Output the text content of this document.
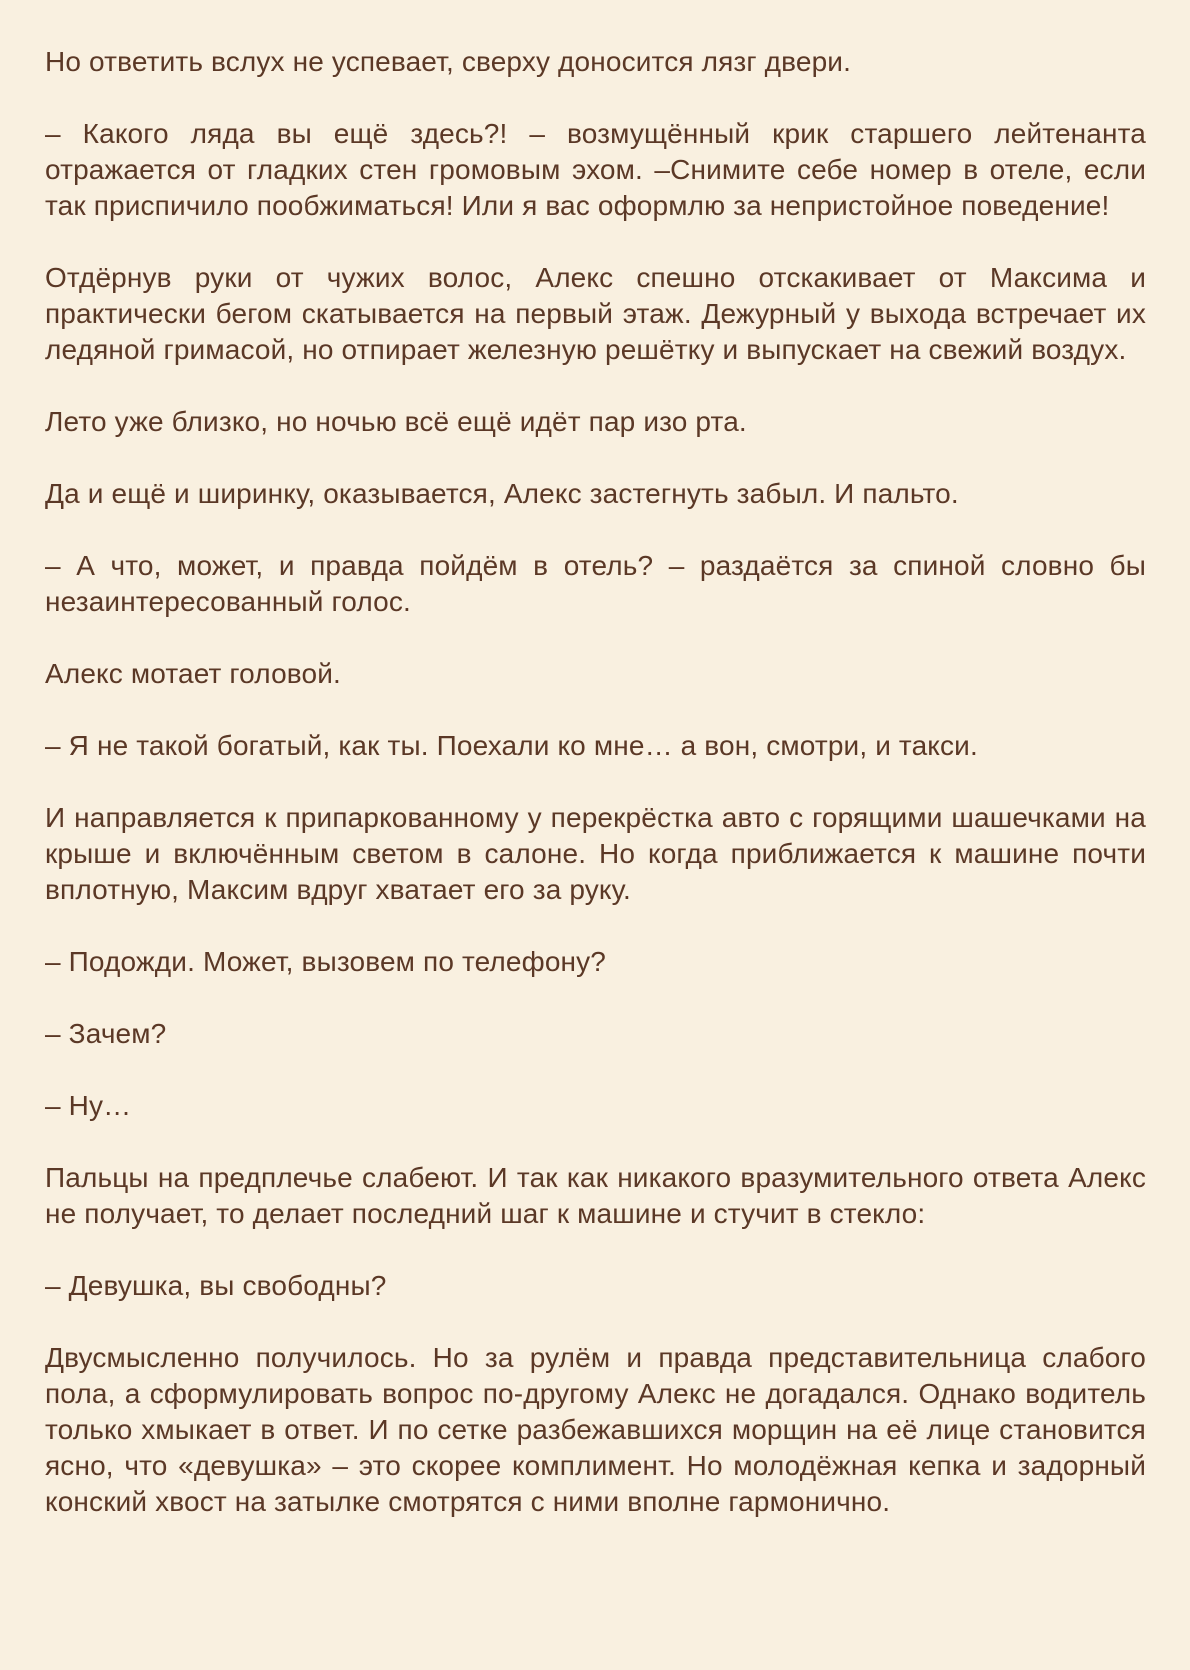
Но ответить вслух не успевает, сверху доносится лязг двери.

– Какого ляда вы ещё здесь?! – возмущённый крик старшего лейтенанта отражается от гладких стен громовым эхом. –Снимите себе номер в отеле, если так приспичило пообжиматься! Или я вас оформлю за непристойное поведение!

Отдёрнув руки от чужих волос, Алекс спешно отскакивает от Максима и практически бегом скатывается на первый этаж. Дежурный у выхода встречает их ледяной гримасой, но отпирает железную решётку и выпускает на свежий воздух.

Лето уже близко, но ночью всё ещё идёт пар изо рта.

Да и ещё и ширинку, оказывается, Алекс застегнуть забыл. И пальто.

– А что, может, и правда пойдём в отель? – раздаётся за спиной словно бы незаинтересованный голос.

Алекс мотает головой.

– Я не такой богатый, как ты. Поехали ко мне… а вон, смотри, и такси.

И направляется к припаркованному у перекрёстка авто с горящими шашечками на крыше и включённым светом в салоне. Но когда приближается к машине почти вплотную, Максим вдруг хватает его за руку.

– Подожди. Может, вызовем по телефону?

– Зачем?

– Ну…

Пальцы на предплечье слабеют. И так как никакого вразумительного ответа Алекс не получает, то делает последний шаг к машине и стучит в стекло:

– Девушка, вы свободны?

Двусмысленно получилось. Но за рулём и правда представительница слабого пола, а сформулировать вопрос по-другому Алекс не догадался. Однако водитель только хмыкает в ответ. И по сетке разбежавшихся морщин на её лице становится ясно, что «девушка» – это скорее комплимент. Но молодёжная кепка и задорный конский хвост на затылке смотрятся с ними вполне гармонично.
